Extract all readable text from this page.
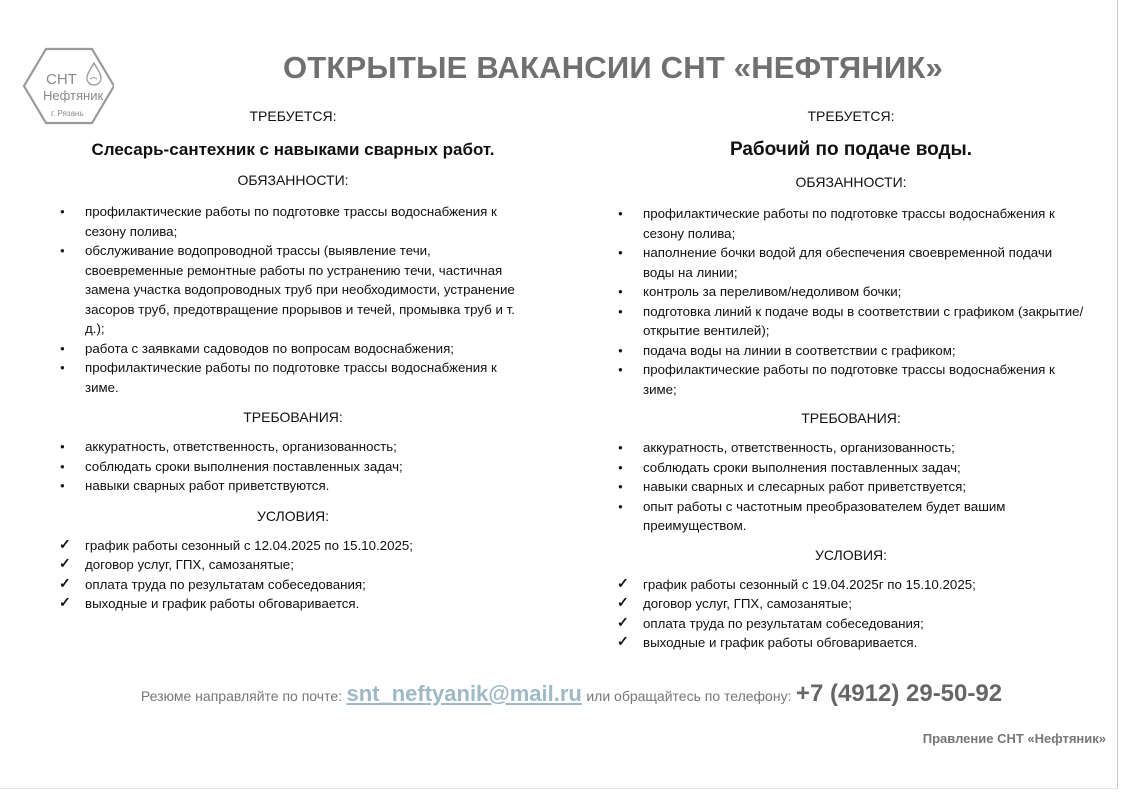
СНТ
Нефтяник
г. Рязань
ОТКРЫТЫЕ ВАКАНСИИ СНТ «НЕФТЯНИК»

ТРЕБУЕТСЯ:

Слесарь-сантехник с навыками сварных работ.

ОБЯЗАННОСТИ:

● профилактические работы по подготовке трассы водоснабжения к сезону полива;
● обслуживание водопроводной трассы (выявление течи, своевременные ремонтные работы по устранению течи, частичная замена участка водопроводных труб при необходимости, устранение засоров труб, предотвращение прорывов и течей, промывка труб и т. д.);
● работа с заявками садоводов по вопросам водоснабжения;
● профилактические работы по подготовке трассы водоснабжения к зиме.

ТРЕБОВАНИЯ:

● аккуратность, ответственность, организованность;
● соблюдать сроки выполнения поставленных задач;
● навыки сварных работ приветствуются.

УСЛОВИЯ:

✓ график работы сезонный с 12.04.2025 по 15.10.2025;
✓ договор услуг, ГПХ, самозанятые;
✓ оплата труда по результатам собеседования;
✓ выходные и график работы обговаривается.

ТРЕБУЕТСЯ:

Рабочий по подаче воды.

ОБЯЗАННОСТИ:

● профилактические работы по подготовке трассы водоснабжения к сезону полива;
● наполнение бочки водой для обеспечения своевременной подачи воды на линии;
● контроль за переливом/недоливом бочки;
● подготовка линий к подаче воды в соответствии с графиком (закрытие/открытие вентилей);
● подача воды на линии в соответствии с графиком;
● профилактические работы по подготовке трассы водоснабжения к зиме;

ТРЕБОВАНИЯ:

● аккуратность, ответственность, организованность;
● соблюдать сроки выполнения поставленных задач;
● навыки сварных и слесарных работ приветствуется;
● опыт работы с частотным преобразователем будет вашим преимуществом.

УСЛОВИЯ:

✓ график работы сезонный с 19.04.2025г по 15.10.2025;
✓ договор услуг, ГПХ, самозанятые;
✓ оплата труда по результатам собеседования;
✓ выходные и график работы обговаривается.
Резюме направляйте по почте: snt_neftyanik@mail.ru или обращайтесь по телефону: +7 (4912) 29-50-92
Правление СНТ «Нефтяник»
